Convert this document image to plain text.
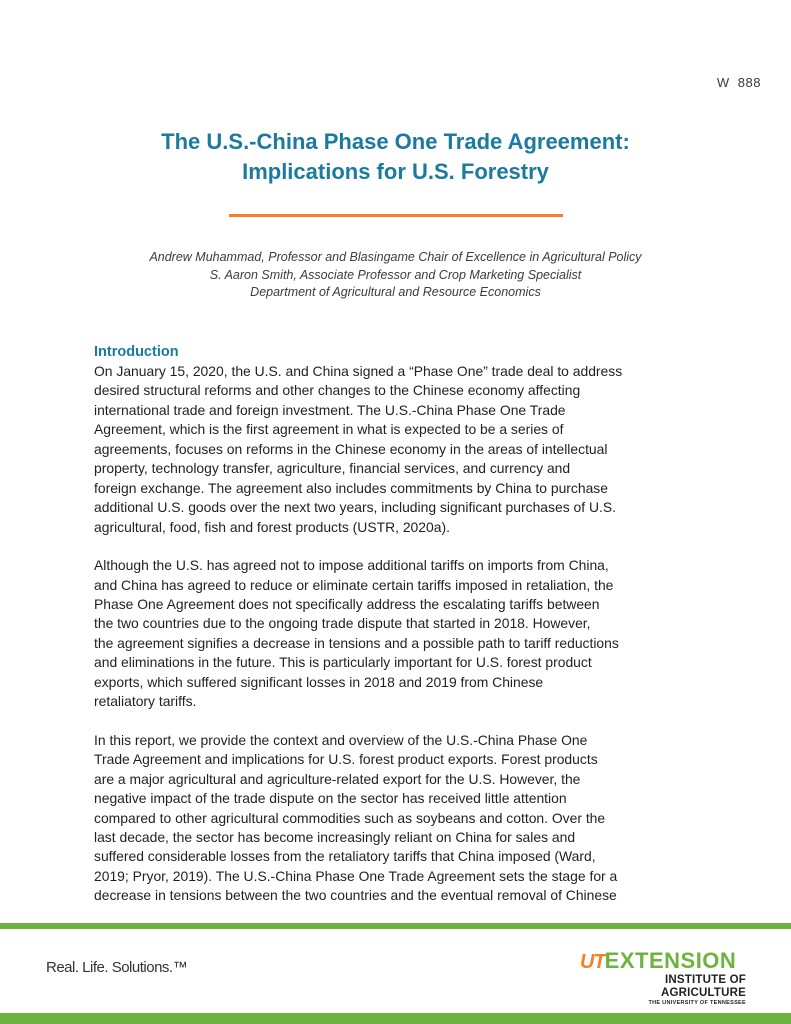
W 888
The U.S.-China Phase One Trade Agreement:
Implications for U.S. Forestry
Andrew Muhammad, Professor and Blasingame Chair of Excellence in Agricultural Policy
S. Aaron Smith, Associate Professor and Crop Marketing Specialist
Department of Agricultural and Resource Economics
Introduction

On January 15, 2020, the U.S. and China signed a “Phase One” trade deal to address
desired structural reforms and other changes to the Chinese economy affecting
international trade and foreign investment. The U.S.-China Phase One Trade
Agreement, which is the first agreement in what is expected to be a series of
agreements, focuses on reforms in the Chinese economy in the areas of intellectual
property, technology transfer, agriculture, financial services, and currency and
foreign exchange. The agreement also includes commitments by China to purchase
additional U.S. goods over the next two years, including significant purchases of U.S.
agricultural, food, fish and forest products (USTR, 2020a).

Although the U.S. has agreed not to impose additional tariffs on imports from China,
and China has agreed to reduce or eliminate certain tariffs imposed in retaliation, the
Phase One Agreement does not specifically address the escalating tariffs between
the two countries due to the ongoing trade dispute that started in 2018. However,
the agreement signifies a decrease in tensions and a possible path to tariff reductions
and eliminations in the future. This is particularly important for U.S. forest product
exports, which suffered significant losses in 2018 and 2019 from Chinese
retaliatory tariffs.

In this report, we provide the context and overview of the U.S.-China Phase One
Trade Agreement and implications for U.S. forest product exports. Forest products
are a major agricultural and agriculture-related export for the U.S. However, the
negative impact of the trade dispute on the sector has received little attention
compared to other agricultural commodities such as soybeans and cotton. Over the
last decade, the sector has become increasingly reliant on China for sales and
suffered considerable losses from the retaliatory tariffs that China imposed (Ward,
2019; Pryor, 2019). The U.S.-China Phase One Trade Agreement sets the stage for a
decrease in tensions between the two countries and the eventual removal of Chinese

Real. Life. Solutions.™	UT EXTENSION
INSTITUTE OF AGRICULTURE
THE UNIVERSITY OF TENNESSEE
